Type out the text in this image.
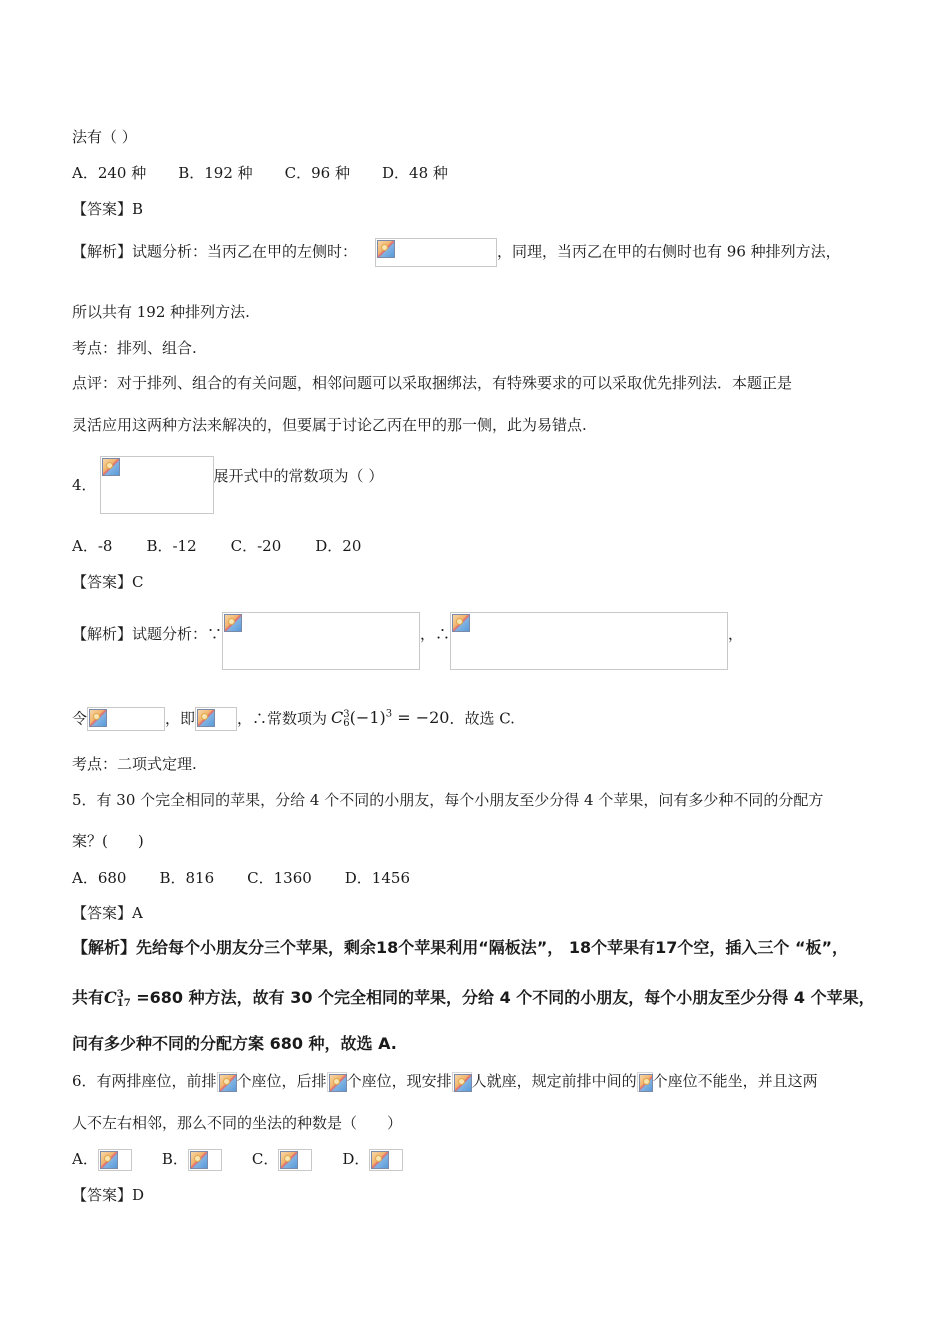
法有（ ）
A．240 种 B．192 种 C．96 种 D．48 种
【答案】B
【解析】试题分析：当丙乙在甲的左侧时：	，同理，当丙乙在甲的右侧时也有 96 种排列方法，
所以共有 192 种排列方法.
考点：排列、组合.
点评：对于排列、组合的有关问题，相邻问题可以采取捆绑法，有特殊要求的可以采取优先排列法．本题正是
灵活应用这两种方法来解决的，但要属于讨论乙丙在甲的那一侧，此为易错点.
4．	展开式中的常数项为（ ）
A．-8 B．-12 C．-20 D．20
【答案】C
【解析】试题分析：∵	，∴	，
令	，即	，∴常数项为 C 3
6 $(-1)^3 = -20$．故选 C.
考点：二项式定理.
5．有 30 个完全相同的苹果，分给 4 个不同的小朋友，每个小朋友至少分得 4 个苹果，问有多少种不同的分配方
案？(　　)
A．680 B．816 C．1360 D．1456
【答案】A
【解析】先给每个小朋友分三个苹果，剩余18个苹果利用“隔板法”， 18个苹果有17个空，插入三个 “板”，
共有C 3
17 =680 种方法，故有 30 个完全相同的苹果，分给 4 个不同的小朋友，每个小朋友至少分得 4 个苹果，
问有多少种不同的分配方案 680 种，故选 A.
6．有两排座位，前排 个座位，后排 个座位，现安排 人就座，规定前排中间的 个座位不能坐，并且这两
人不左右相邻，那么不同的坐法的种数是（　　）
A．	B．	C．	D．
【答案】D
